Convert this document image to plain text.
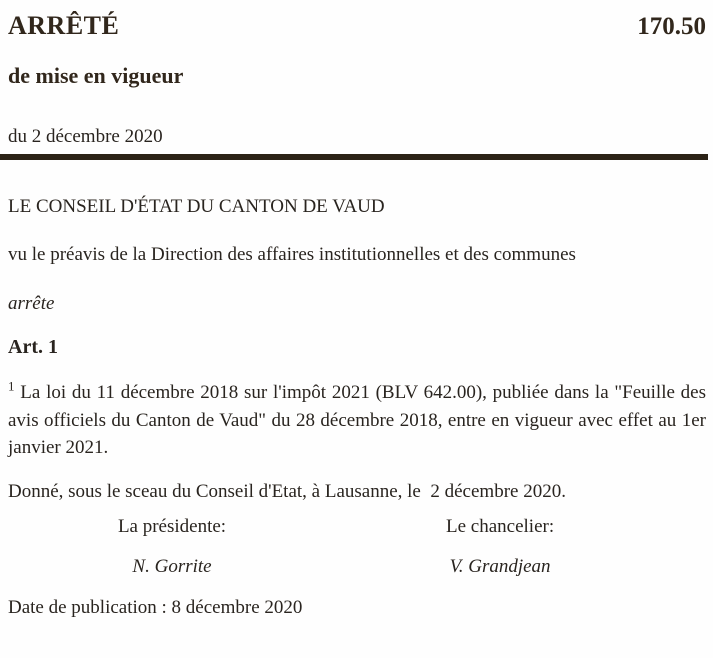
ARRÊTÉ	170.50
de mise en vigueur
du 2 décembre 2020

LE CONSEIL D'ÉTAT DU CANTON DE VAUD

vu le préavis de la Direction des affaires institutionnelles et des communes

arrête

Art. 1

$^1$ La loi du 11 décembre 2018 sur l'impôt 2021 (BLV 642.00), publiée dans la "Feuille des avis officiels du Canton de Vaud" du 28 décembre 2018, entre en vigueur avec effet au 1er janvier 2021.

Donné, sous le sceau du Conseil d'Etat, à Lausanne, le  2 décembre 2020.

La présidente:
N. Gorrite
Le chancelier:
V. Grandjean

Date de publication : 8 décembre 2020
